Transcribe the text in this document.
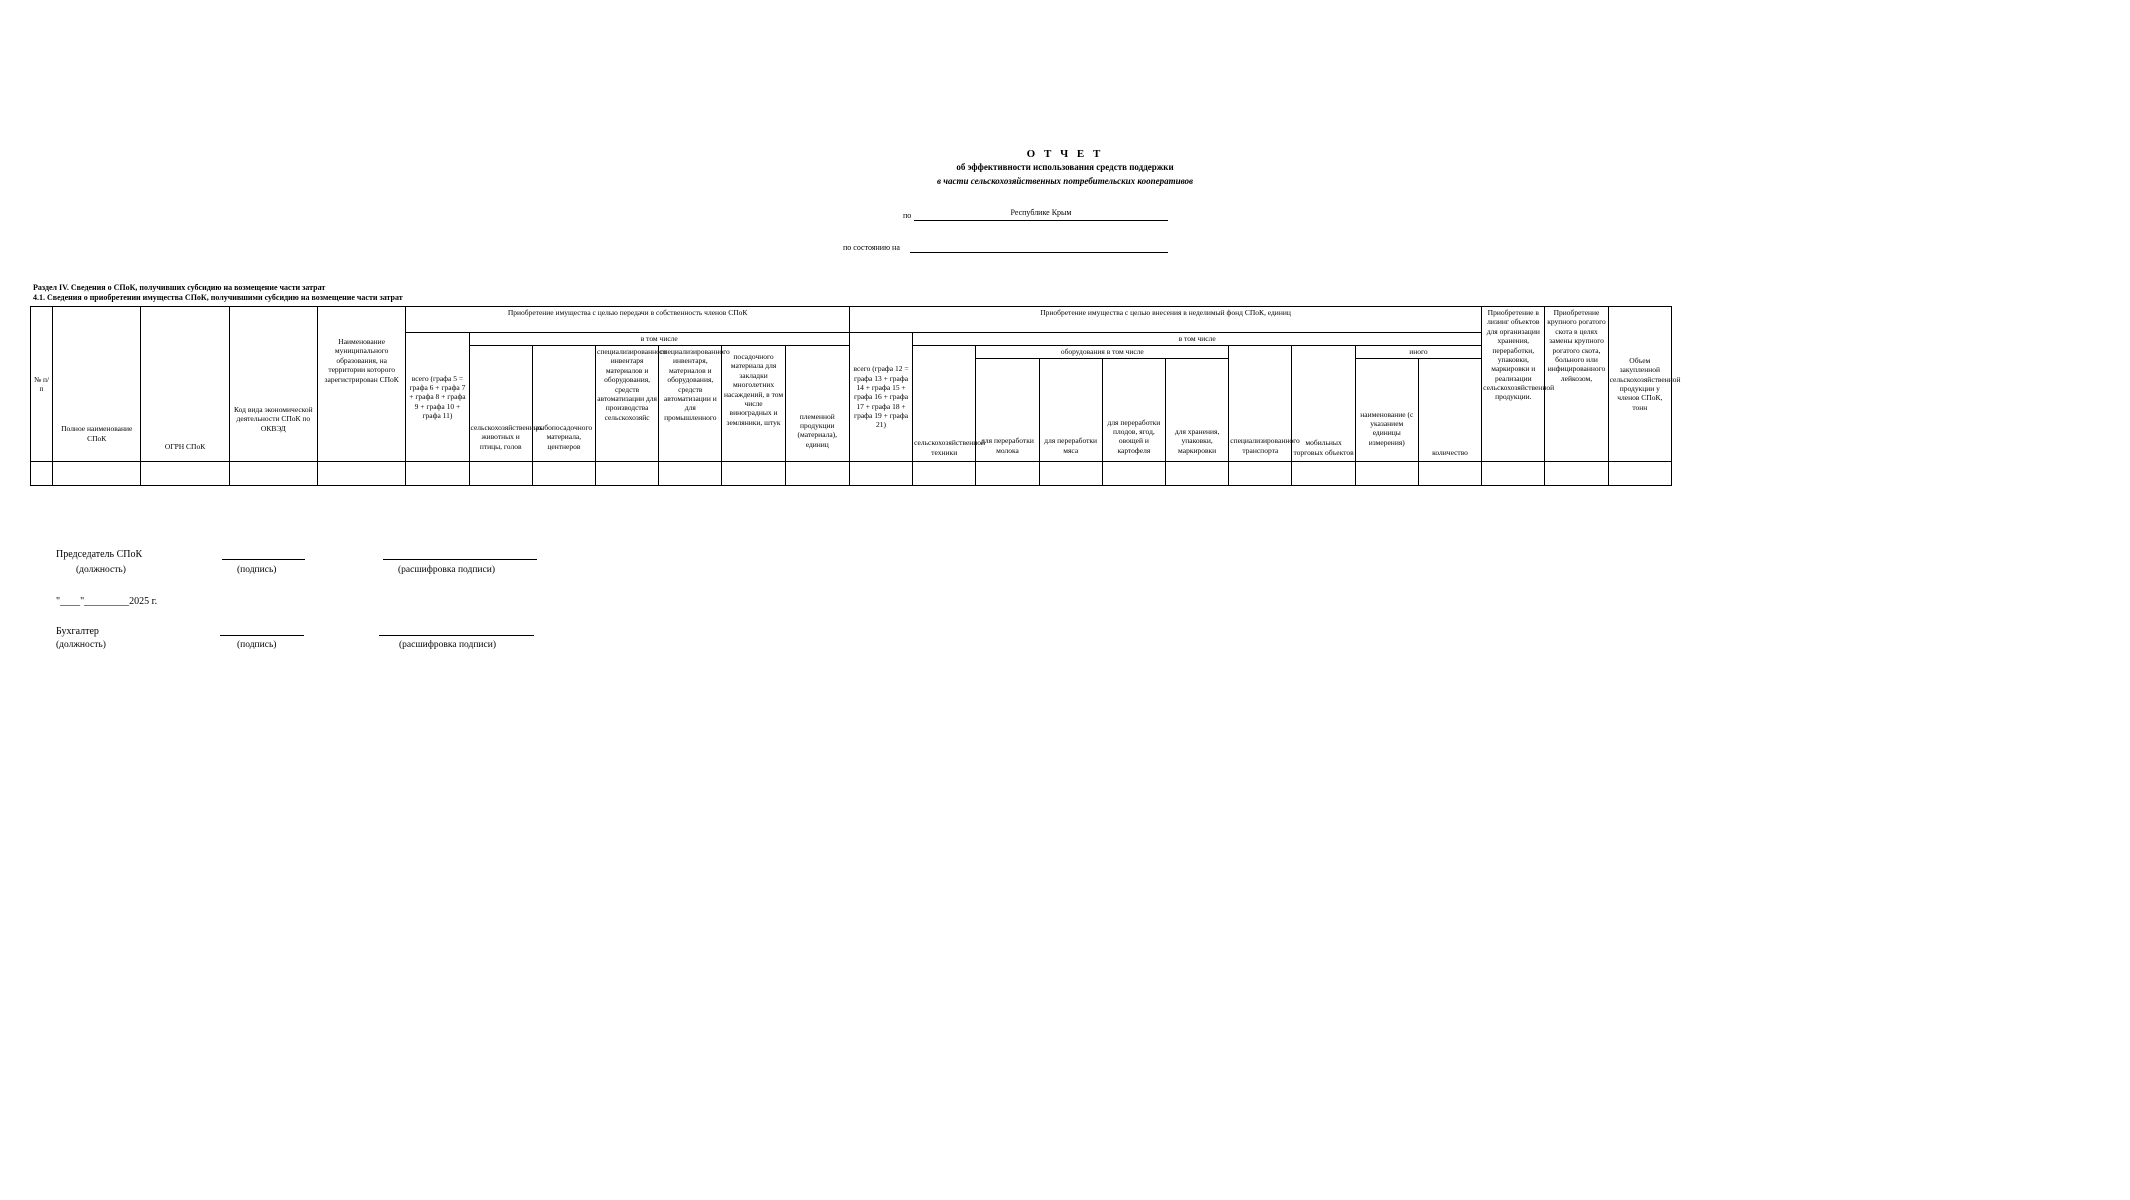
О Т Ч Е Т
об эффективности использования средств поддержки
в части сельскохозяйственных потребительских кооперативов
по	Республике Крым
по состоянию на
Раздел IV. Сведения о СПоК, получивших субсидию на возмещение части затрат
4.1. Сведения о приобретении имущества СПоК, получившими субсидию на возмещение части затрат
№ п/п	Полное наименование СПоК	ОГРН СПоК	Код вида экономической деятельности СПоК по ОКВЭД	Наименование муниципального образования, на территории которого зарегистрирован СПоК	Приобретение имущества с целью передачи в собственность членов СПоК							Приобретение имущества с целью внесения в неделимый фонд СПоК, единиц										Приобретение в лизинг объектов для организации хранения, переработки, упаковки, маркировки и реализации сельскохозяйственной продукции.	Приобретение крупного рогатого скота в целях замены крупного рогатого скота, больного или инфицированного лейкозом,	Объем закупленной сельскохозяйственной продукции у членов СПоК, тонн
					всего (графа 5 = графа 6 + графа 7 + графа 8 + графа 9 + графа 10 + графа 11)	в том числе						всего (графа 12 = графа 13 + графа 14 + графа 15 + графа 16 + графа 17 + графа 18 + графа 19 + графа 21)	в том числе											
						сельскохозяйственных животных и птицы, голов	рыбопосадочного материала, центнеров	специализированного инвентаря материалов и оборудования, средств автоматизации для производства сельскохозяйс	специализированного инвентаря, материалов и оборудования, средств автоматизации и для промышленного	посадочного материала для закладки многолетних насаждений, в том числе виноградных и земляники, штук	племенной продукции (материала), единиц		сельскохозяйственной техники	оборудования в том числе				специализированного транспорта	мобильных торговых объектов	иного				
														для переработки молока	для переработки мяса	для переработки плодов, ягод, овощей и картофеля	для хранения, упаковки, маркировки			наименование (с указанием единицы измерения)	количество			

Председатель СПоК
(должность)	(подпись)	(расшифровка подписи)
"____"_________2025 г.
Бухгалтер
(должность)	(подпись)	(расшифровка подписи)
